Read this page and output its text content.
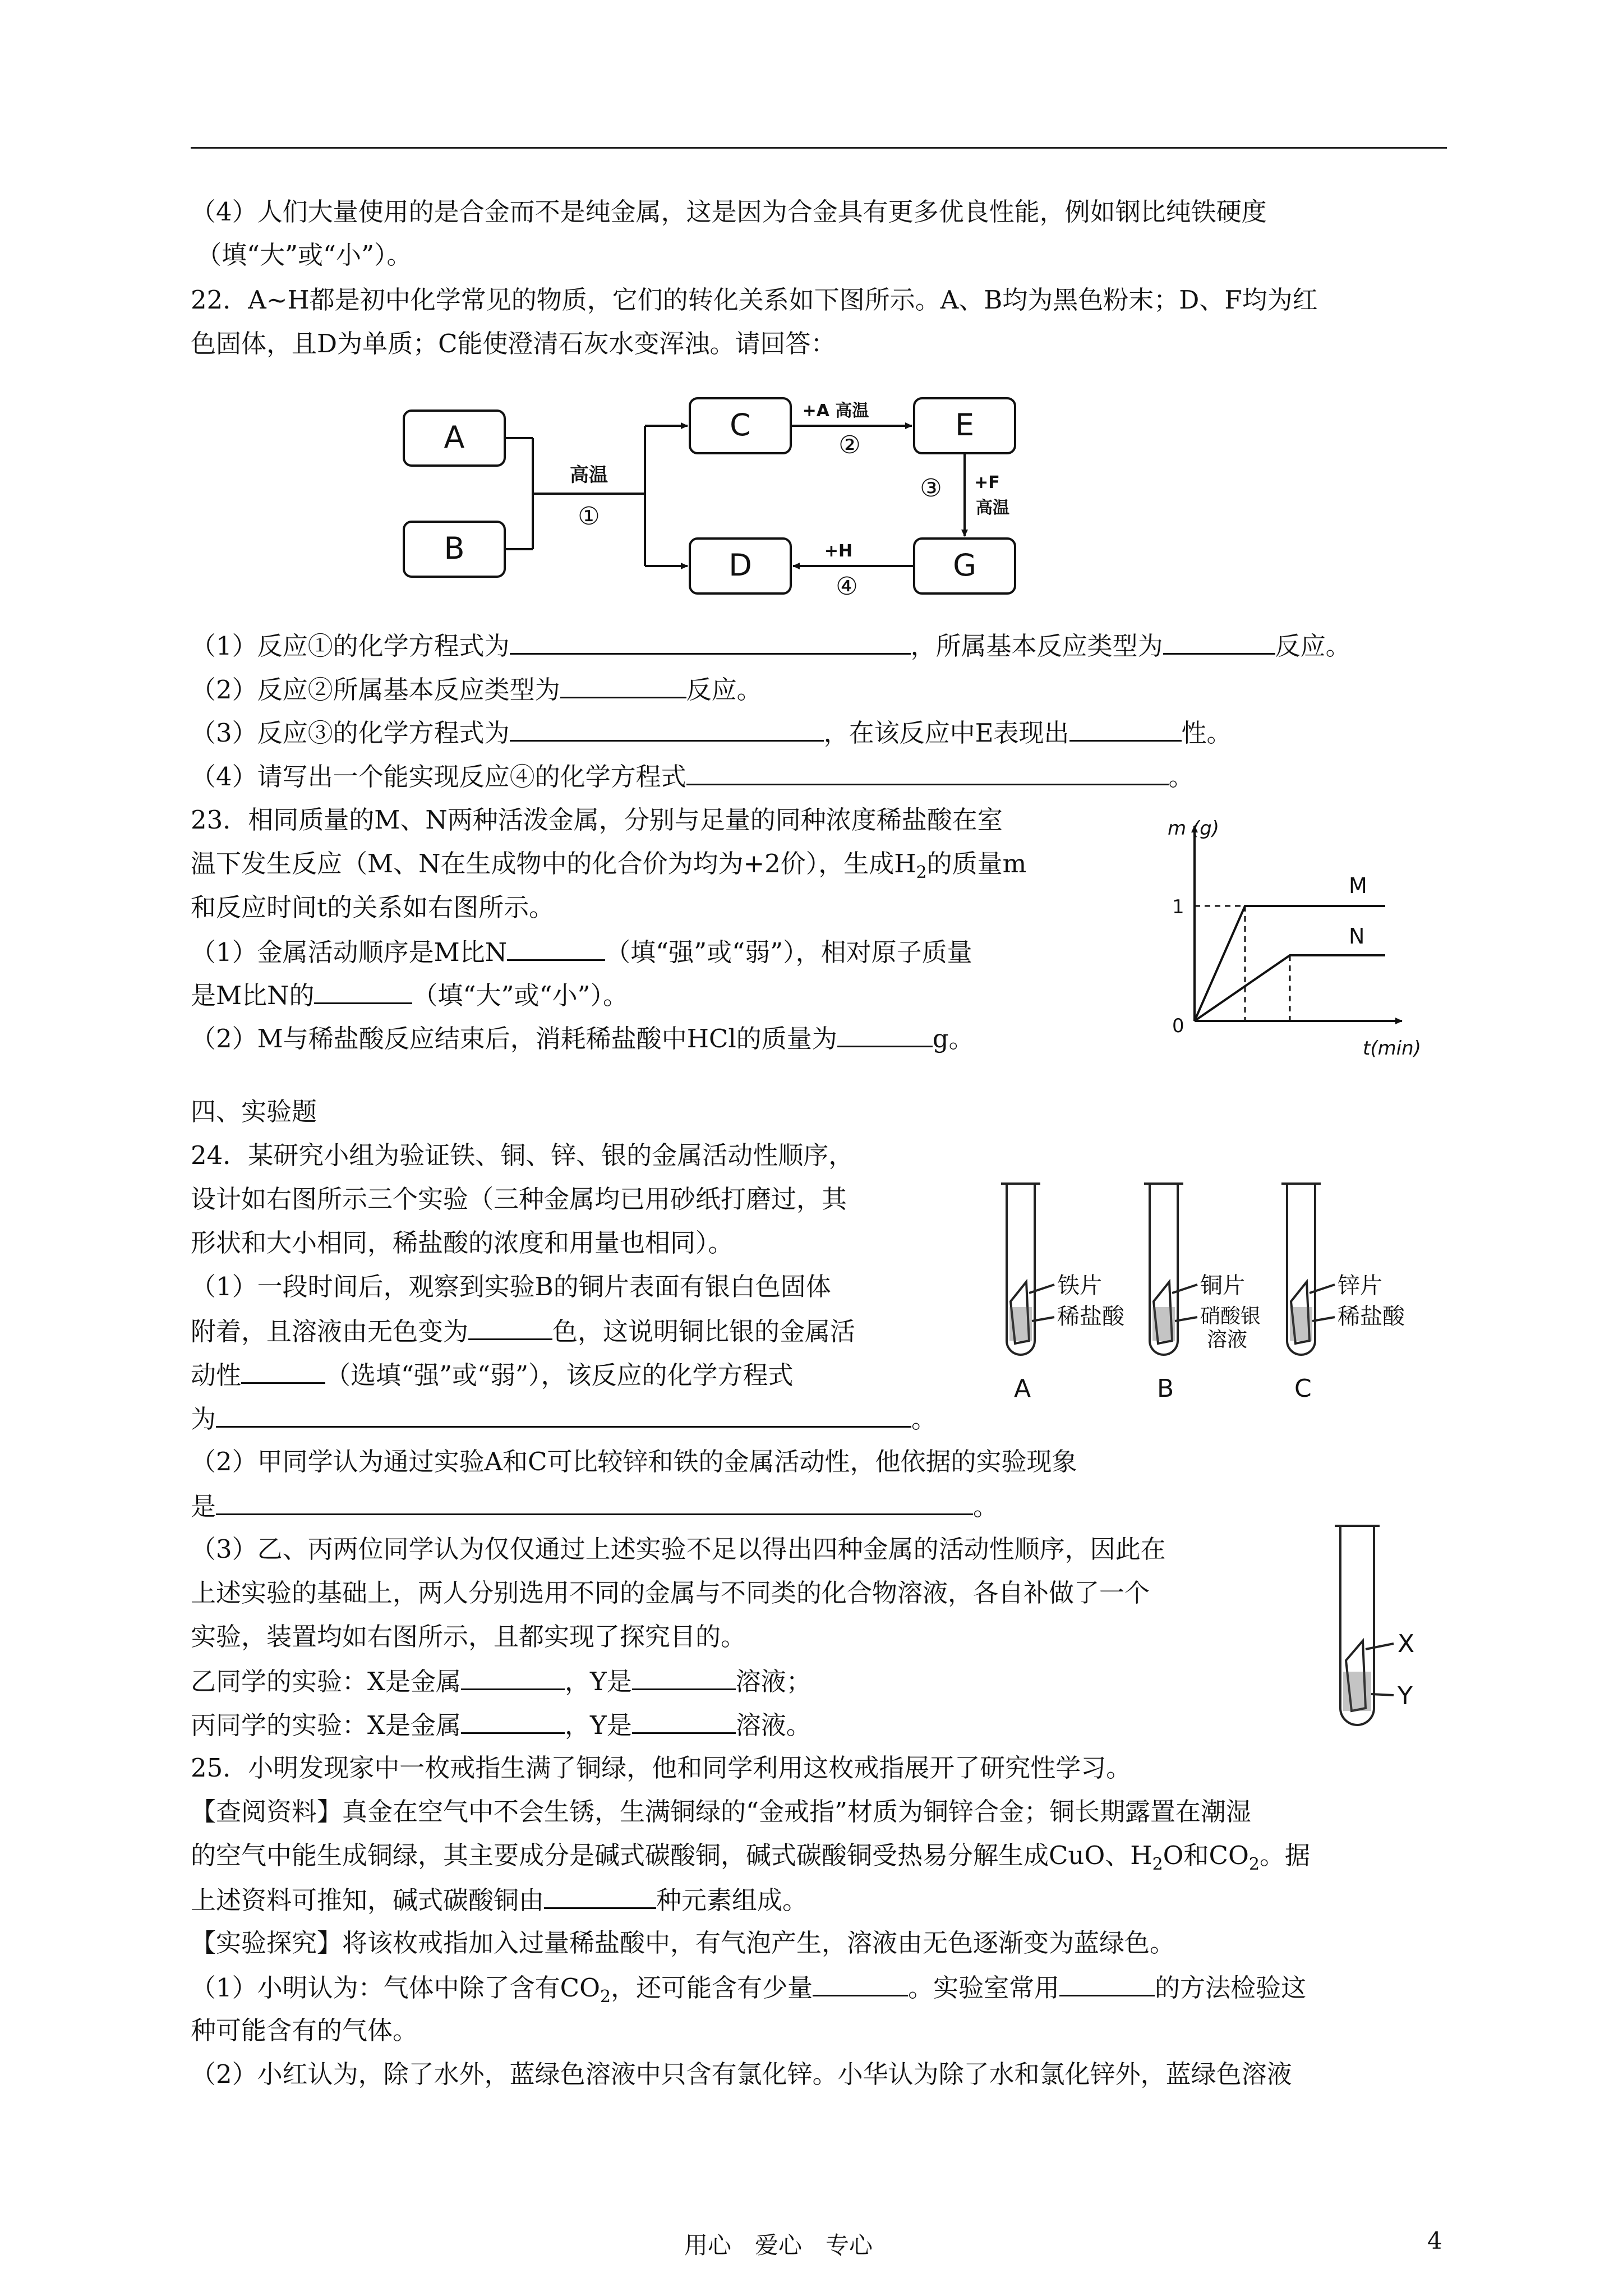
（4）人们大量使用的是合金而不是纯金属，这是因为合金具有更多优良性能，例如钢比纯铁硬度
（填“大”或“小”）。
22．A~H都是初中化学常见的物质，它们的转化关系如下图所示。A、B均为黑色粉末；D、F均为红
色固体，且D为单质；C能使澄清石灰水变浑浊。请回答：
A
B
C
D
E
G
高温
①
+A 高温
②
③ +F
高温
+H
④
（1）反应①的化学方程式为	，所属基本反应类型为	反应。
（2）反应②所属基本反应类型为	反应。
（3）反应③的化学方程式为	，在该反应中E表现出	性。
（4）请写出一个能实现反应④的化学方程式	。
23．相同质量的M、N两种活泼金属，分别与足量的同种浓度稀盐酸在室
温下发生反应（M、N在生成物中的化合价为均为+2价），生成$H_2$的质量m
和反应时间t的关系如右图所示。
（1）金属活动顺序是M比N	（填“强”或“弱”），相对原子质量
是M比N的	（填“大”或“小”）。
（2）M与稀盐酸反应结束后，消耗稀盐酸中HCl的质量为	g。
m (g)
1
0
t(min)
M
N
四、实验题
24．某研究小组为验证铁、铜、锌、银的金属活动性顺序，
设计如右图所示三个实验（三种金属均已用砂纸打磨过，其
形状和大小相同，稀盐酸的浓度和用量也相同）。
（1）一段时间后，观察到实验B的铜片表面有银白色固体
附着，且溶液由无色变为	色，这说明铜比银的金属活
动性	（选填“强”或“弱”），该反应的化学方程式
为	。
（2）甲同学认为通过实验A和C可比较锌和铁的金属活动性，他依据的实验现象
是	。
（3）乙、丙两位同学认为仅仅通过上述实验不足以得出四种金属的活动性顺序，因此在
上述实验的基础上，两人分别选用不同的金属与不同类的化合物溶液，各自补做了一个
实验，装置均如右图所示，且都实现了探究目的。
乙同学的实验：X是金属	，Y是	溶液；
丙同学的实验：X是金属	，Y是	溶液。
铁片
稀盐酸
铜片
硝酸银
溶液
锌片
稀盐酸
A	B	C
X
Y
25．小明发现家中一枚戒指生满了铜绿，他和同学利用这枚戒指展开了研究性学习。
【查阅资料】真金在空气中不会生锈，生满铜绿的“金戒指”材质为铜锌合金；铜长期露置在潮湿
的空气中能生成铜绿，其主要成分是碱式碳酸铜，碱式碳酸铜受热易分解生成CuO、$H_2O$和$CO_2$。据
上述资料可推知，碱式碳酸铜由	种元素组成。
【实验探究】将该枚戒指加入过量稀盐酸中，有气泡产生，溶液由无色逐渐变为蓝绿色。
（1）小明认为：气体中除了含有$CO_2$，还可能含有少量	。实验室常用	的方法检验这
种可能含有的气体。
（2）小红认为，除了水外，蓝绿色溶液中只含有氯化锌。小华认为除了水和氯化锌外，蓝绿色溶液
用心　爱心　专心	4
